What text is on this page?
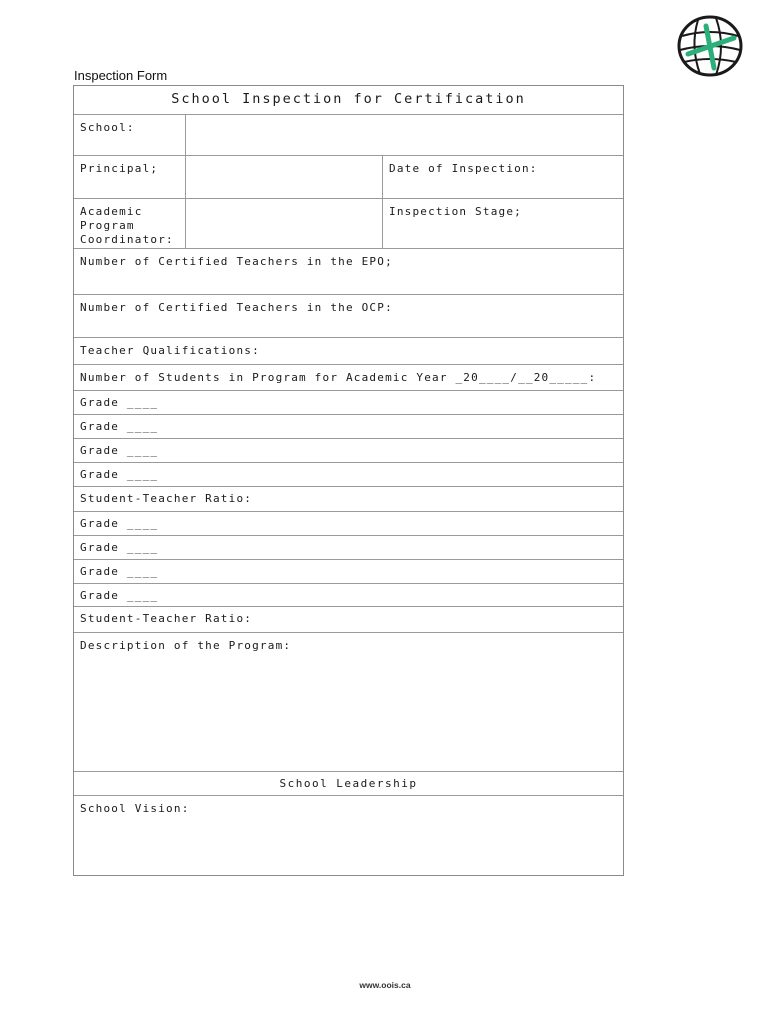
Inspection Form
School Inspection for Certification
School:
Principal;	Date of Inspection:
Academic
Program
Coordinator:
Inspection Stage;
Number of Certified Teachers in the EPO;
Number of Certified Teachers in the OCP:
Teacher Qualifications:
Number of Students in Program for Academic Year _20____/__20_____:
Grade ____
Grade ____
Grade ____
Grade ____
Student-Teacher Ratio:
Grade ____
Grade ____
Grade ____
Grade ____
Student-Teacher Ratio:
Description of the Program:
School Leadership
School Vision:
www.oois.ca
